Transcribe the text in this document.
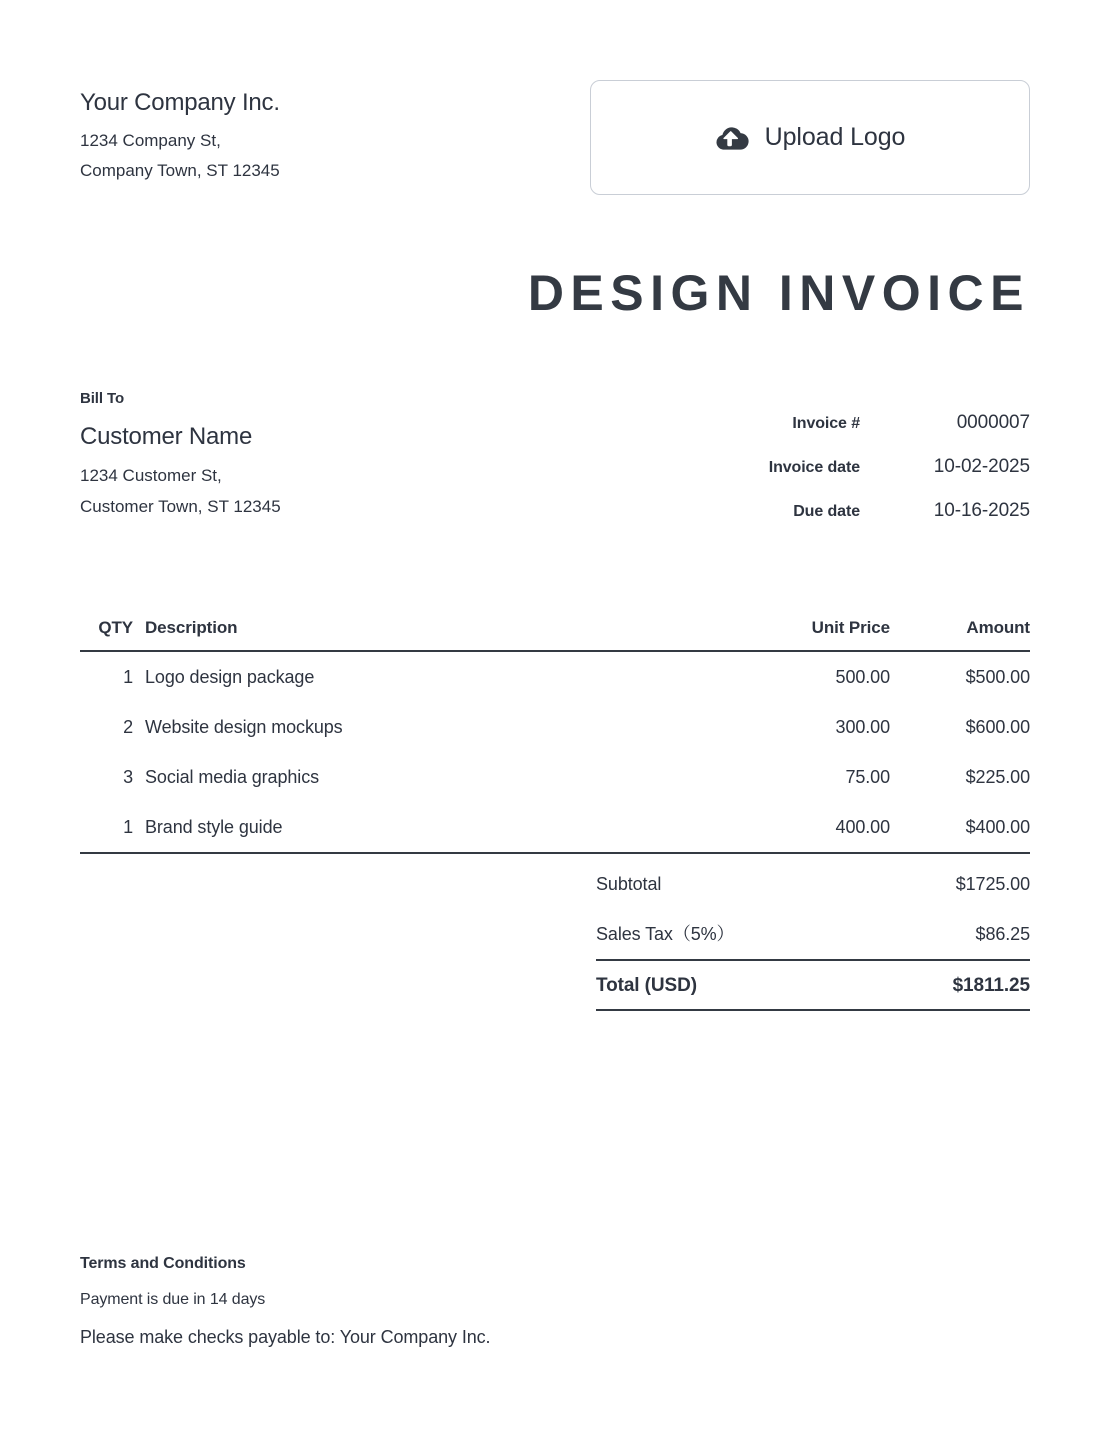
Your Company Inc.
1234 Company St,
Company Town, ST 12345
Upload Logo
DESIGN INVOICE
Bill To
Customer Name
1234 Customer St,
Customer Town, ST 12345
Invoice #	0000007
Invoice date	10-02-2025
Due date	10-16-2025
QTY Description	Unit Price	Amount
1 Logo design package	500.00	$500.00
2 Website design mockups	300.00	$600.00
3 Social media graphics	75.00	$225.00
1 Brand style guide	400.00	$400.00
Subtotal	$1725.00
Sales Tax（5%）	$86.25
Total (USD)	$1811.25
Terms and Conditions
Payment is due in 14 days
Please make checks payable to: Your Company Inc.
